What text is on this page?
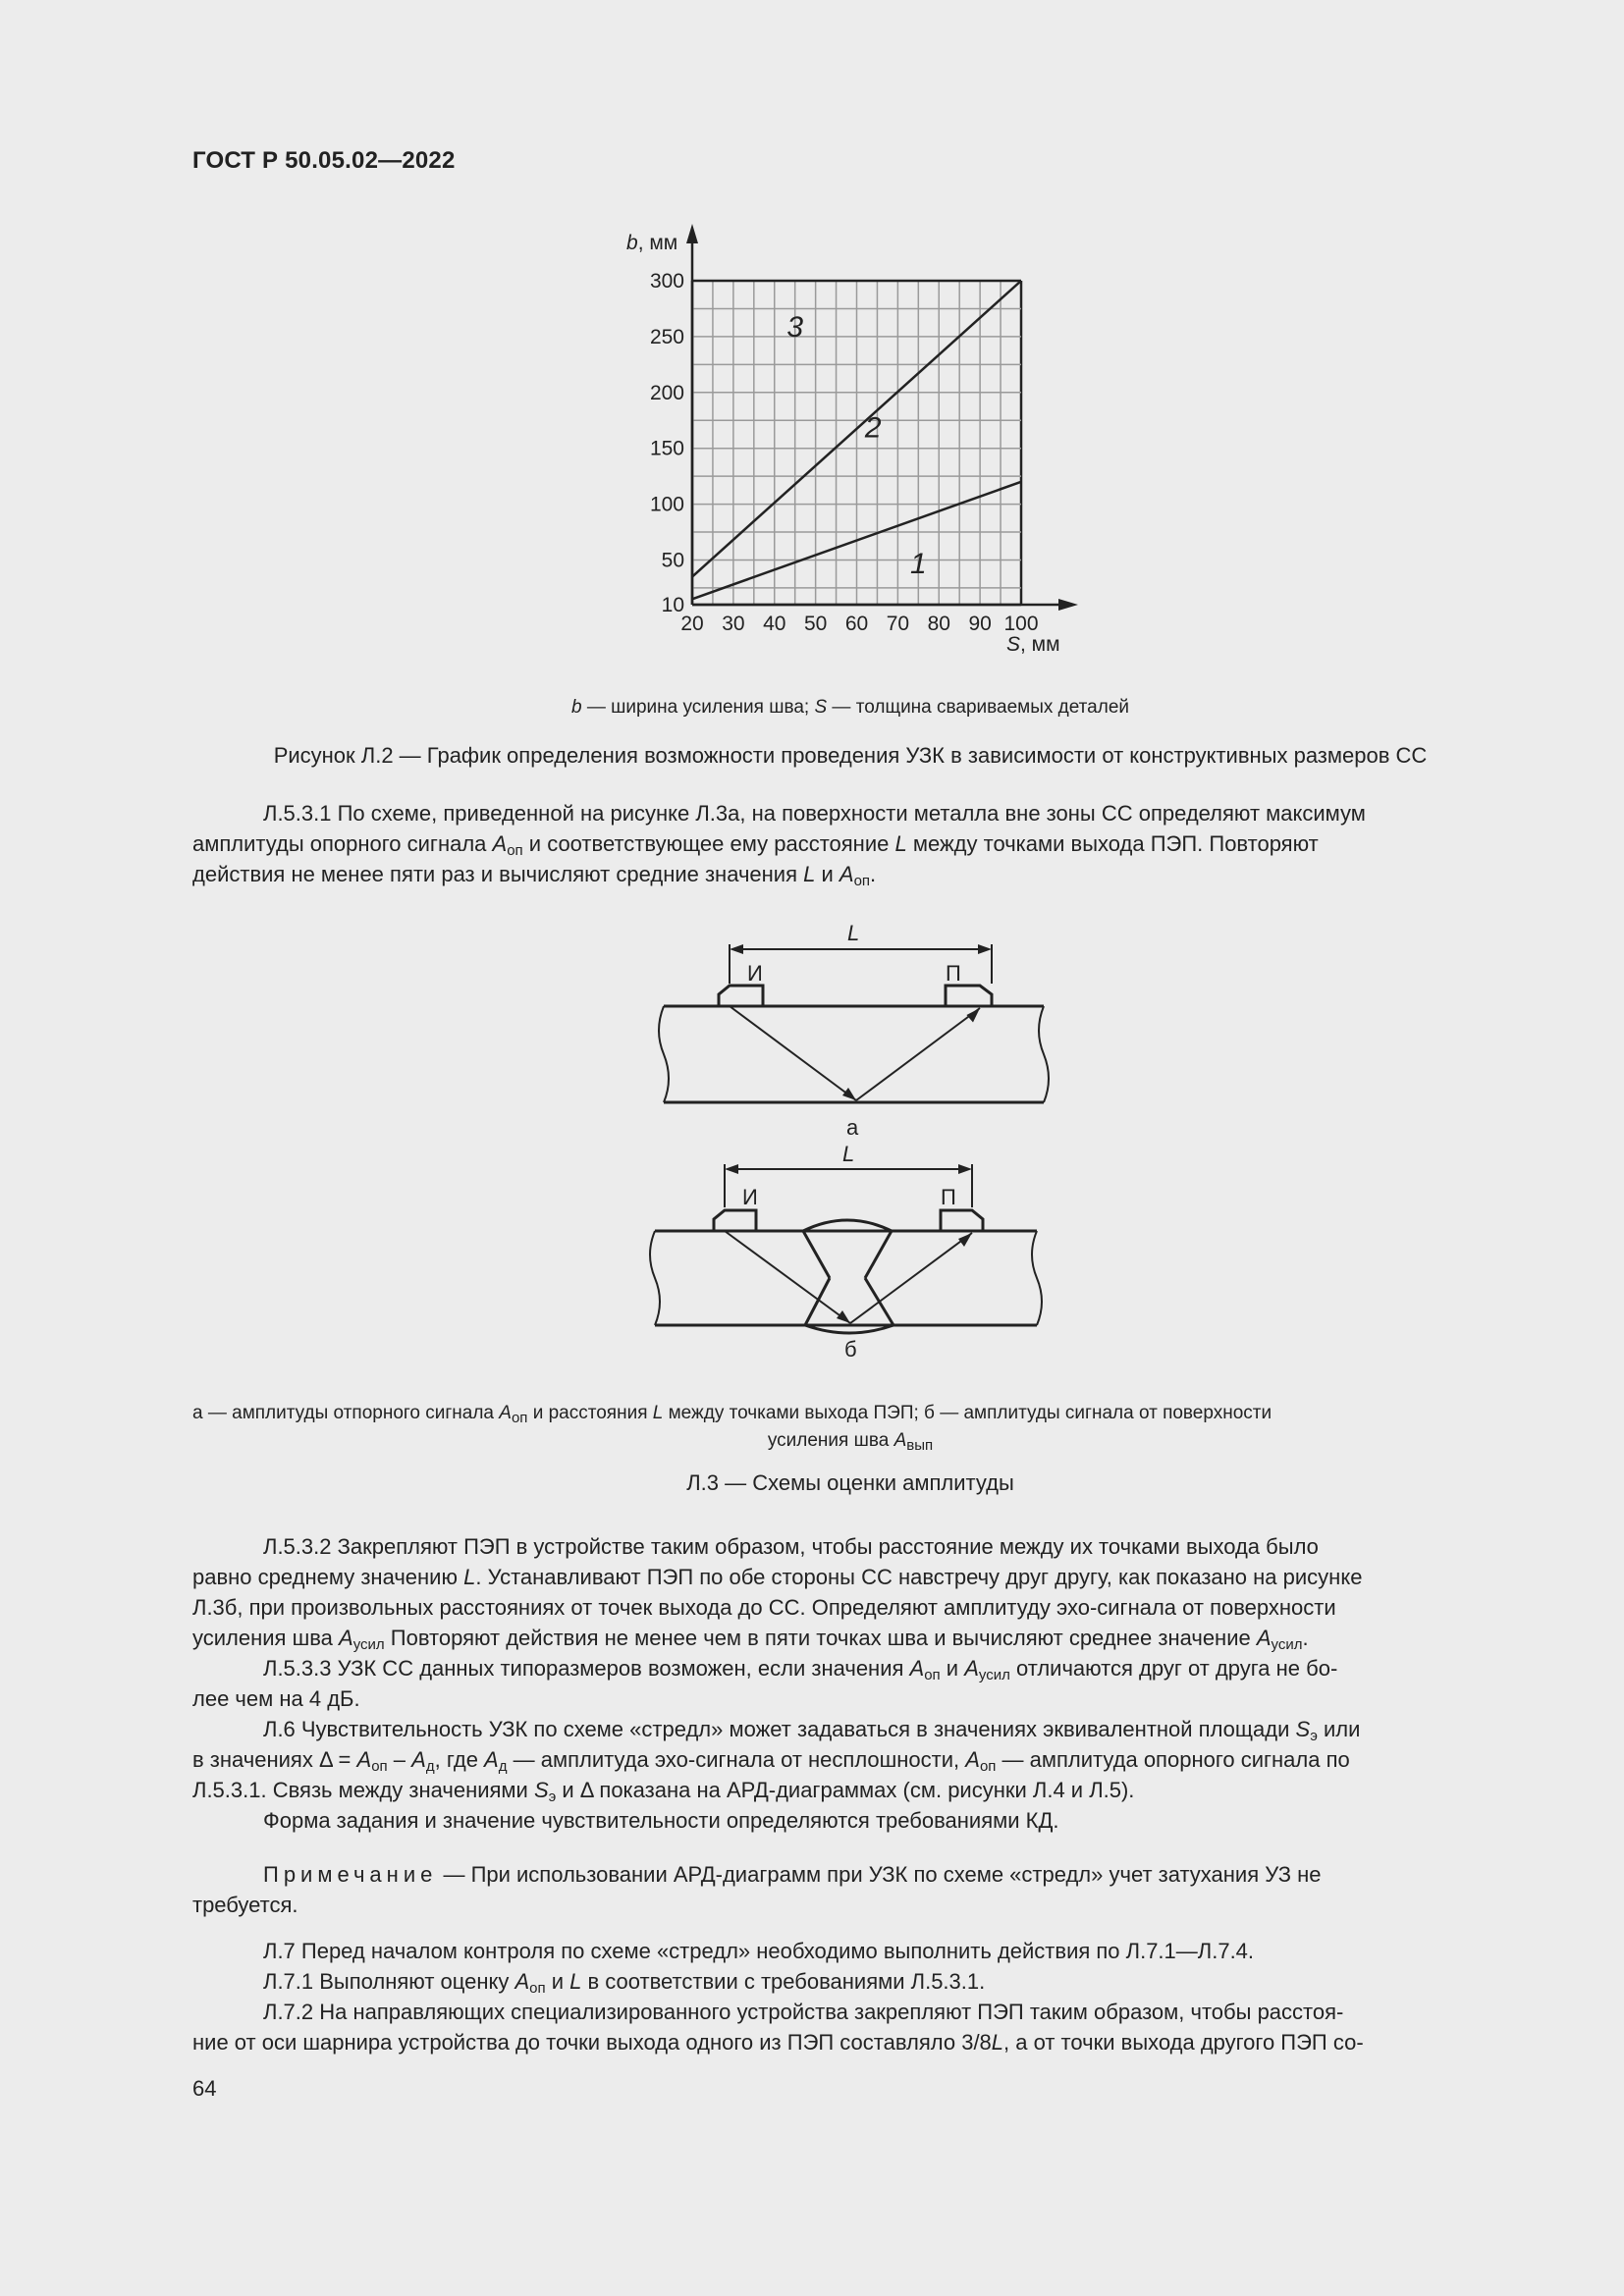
ГОСТ Р 50.05.02—2022
20 30 40 50 60 70 80 90 100
10
50
100
150
200
250
300
3
2
1
b, мм
S, мм
b — ширина усиления шва; S — толщина свариваемых деталей
Рисунок Л.2 — График определения возможности проведения УЗК в зависимости от конструктивных размеров СС
Л.5.3.1 По схеме, приведенной на рисунке Л.3а, на поверхности металла вне зоны СС определяют максимум
амплитуды опорного сигнала $A_{оп}$ и соответствующее ему расстояние L между точками выхода ПЭП. Повторяют
действия не менее пяти раз и вычисляют средние значения L и $A_{оп}$.
L
И	П
а
L
И	П
б
а — амплитуды отпорного сигнала $A_{оп}$ и расстояния L между точками выхода ПЭП; б — амплитуды сигнала от поверхности
усиления шва $A_{вып}$
Л.3 — Схемы оценки амплитуды
Л.5.3.2 Закрепляют ПЭП в устройстве таким образом, чтобы расстояние между их точками выхода было
равно среднему значению L. Устанавливают ПЭП по обе стороны СС навстречу друг другу, как показано на рисунке
Л.3б, при произвольных расстояниях от точек выхода до СС. Определяют амплитуду эхо-сигнала от поверхности
усиления шва $A_{усил}$ Повторяют действия не менее чем в пяти точках шва и вычисляют среднее значение $A_{усил}$.
Л.5.3.3 УЗК СС данных типоразмеров возможен, если значения $A_{оп}$ и $A_{усил}$ отличаются друг от друга не бо-
лее чем на 4 дБ.
Л.6 Чувствительность УЗК по схеме «стредл» может задаваться в значениях эквивалентной площади $S_э$ или
в значениях $\Delta = A_{оп} - A_д$, где $A_д$ — амплитуда эхо-сигнала от несплошности, $A_{оп}$ — амплитуда опорного сигнала по
Л.5.3.1. Связь между значениями $S_э$ и Δ показана на АРД-диаграммах (см. рисунки Л.4 и Л.5).
Форма задания и значение чувствительности определяются требованиями КД.
Примечание — При использовании АРД-диаграмм при УЗК по схеме «стредл» учет затухания УЗ не
требуется.
Л.7 Перед началом контроля по схеме «стредл» необходимо выполнить действия по Л.7.1—Л.7.4.
Л.7.1 Выполняют оценку $A_{оп}$ и L в соответствии с требованиями Л.5.3.1.
Л.7.2 На направляющих специализированного устройства закрепляют ПЭП таким образом, чтобы расстоя-
ние от оси шарнира устройства до точки выхода одного из ПЭП составляло 3/8L, а от точки выхода другого ПЭП со-
64
